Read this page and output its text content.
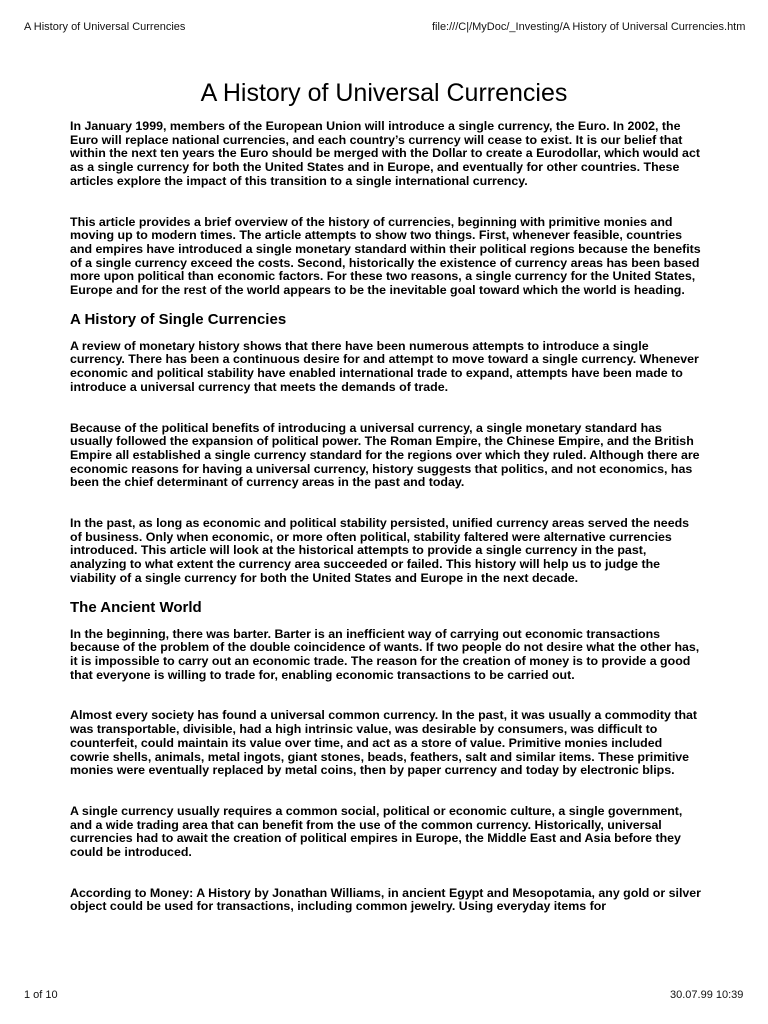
A History of Universal Currencies	file:///C|/MyDoc/_Investing/A History of Universal Currencies.htm
A History of Universal Currencies

In January 1999, members of the European Union will introduce a single currency, the Euro. In 2002, the Euro will replace national currencies, and each country’s currency will cease to exist. It is our belief that within the next ten years the Euro should be merged with the Dollar to create a Eurodollar, which would act as a single currency for both the United States and in Europe, and eventually for other countries. These articles explore the impact of this transition to a single international currency.

This article provides a brief overview of the history of currencies, beginning with primitive monies and moving up to modern times. The article attempts to show two things. First, whenever feasible, countries and empires have introduced a single monetary standard within their political regions because the benefits of a single currency exceed the costs. Second, historically the existence of currency areas has been based more upon political than economic factors. For these two reasons, a single currency for the United States, Europe and for the rest of the world appears to be the inevitable goal toward which the world is heading.

A History of Single Currencies

A review of monetary history shows that there have been numerous attempts to introduce a single currency. There has been a continuous desire for and attempt to move toward a single currency. Whenever economic and political stability have enabled international trade to expand, attempts have been made to introduce a universal currency that meets the demands of trade.

Because of the political benefits of introducing a universal currency, a single monetary standard has usually followed the expansion of political power. The Roman Empire, the Chinese Empire, and the British Empire all established a single currency standard for the regions over which they ruled. Although there are economic reasons for having a universal currency, history suggests that politics, and not economics, has been the chief determinant of currency areas in the past and today.

In the past, as long as economic and political stability persisted, unified currency areas served the needs of business. Only when economic, or more often political, stability faltered were alternative currencies introduced. This article will look at the historical attempts to provide a single currency in the past, analyzing to what extent the currency area succeeded or failed. This history will help us to judge the viability of a single currency for both the United States and Europe in the next decade.

The Ancient World

In the beginning, there was barter. Barter is an inefficient way of carrying out economic transactions because of the problem of the double coincidence of wants. If two people do not desire what the other has, it is impossible to carry out an economic trade. The reason for the creation of money is to provide a good that everyone is willing to trade for, enabling economic transactions to be carried out.

Almost every society has found a universal common currency. In the past, it was usually a commodity that was transportable, divisible, had a high intrinsic value, was desirable by consumers, was difficult to counterfeit, could maintain its value over time, and act as a store of value. Primitive monies included cowrie shells, animals, metal ingots, giant stones, beads, feathers, salt and similar items. These primitive monies were eventually replaced by metal coins, then by paper currency and today by electronic blips.

A single currency usually requires a common social, political or economic culture, a single government, and a wide trading area that can benefit from the use of the common currency. Historically, universal currencies had to await the creation of political empires in Europe, the Middle East and Asia before they could be introduced.

According to Money: A History by Jonathan Williams, in ancient Egypt and Mesopotamia, any gold or silver object could be used for transactions, including common jewelry. Using everyday items for

1 of 10	30.07.99 10:39
